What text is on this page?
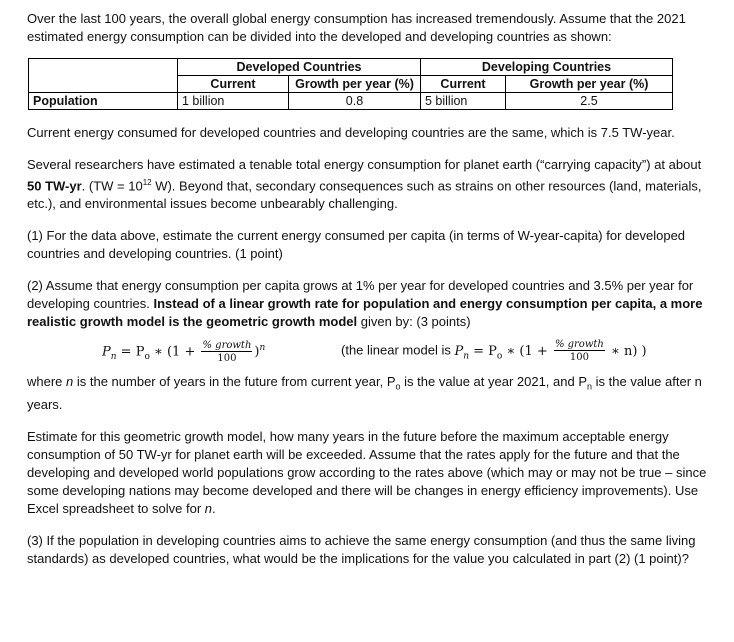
Over the last 100 years, the overall global energy consumption has increased tremendously. Assume that the 2021 estimated energy consumption can be divided into the developed and developing countries as shown:

	Developed Countries		Developing Countries	
	Current	Growth per year (%)	Current	Growth per year (%)
Population	1 billion	0.8	5 billion	2.5

Current energy consumed for developed countries and developing countries are the same, which is 7.5 TW-year.

Several researchers have estimated a tenable total energy consumption for planet earth (“carrying capacity”) at about 50 TW-yr. ($TW = 10^{12}$ W). Beyond that, secondary consequences such as strains on other resources (land, materials, etc.), and environmental issues become unbearably challenging.

(1) For the data above, estimate the current energy consumed per capita (in terms of W-year-capita) for developed countries and developing countries. (1 point)

(2) Assume that energy consumption per capita grows at 1% per year for developed countries and 3.5% per year for developing countries. Instead of a linear growth rate for population and energy consumption per capita, a more realistic growth model is the geometric growth model given by: (3 points)

$P_n = P_o$ ∗ $(1 + \frac{\text{\% growth}}{100} )^n$	(the linear model is $P_n = P_o$ ∗ ($1 + \frac{\text{\% growth}}{100}$ ∗ n) )

where n is the number of years in the future from current year, $P_o$ is the value at year 2021, and $P_n$ is the value after n years.

Estimate for this geometric growth model, how many years in the future before the maximum acceptable energy consumption of 50 TW-yr for planet earth will be exceeded. Assume that the rates apply for the future and that the developing and developed world populations grow according to the rates above (which may or may not be true – since some developing nations may become developed and there will be changes in energy efficiency improvements). Use Excel spreadsheet to solve for n.

(3) If the population in developing countries aims to achieve the same energy consumption (and thus the same living standards) as developed countries, what would be the implications for the value you calculated in part (2) (1 point)?
